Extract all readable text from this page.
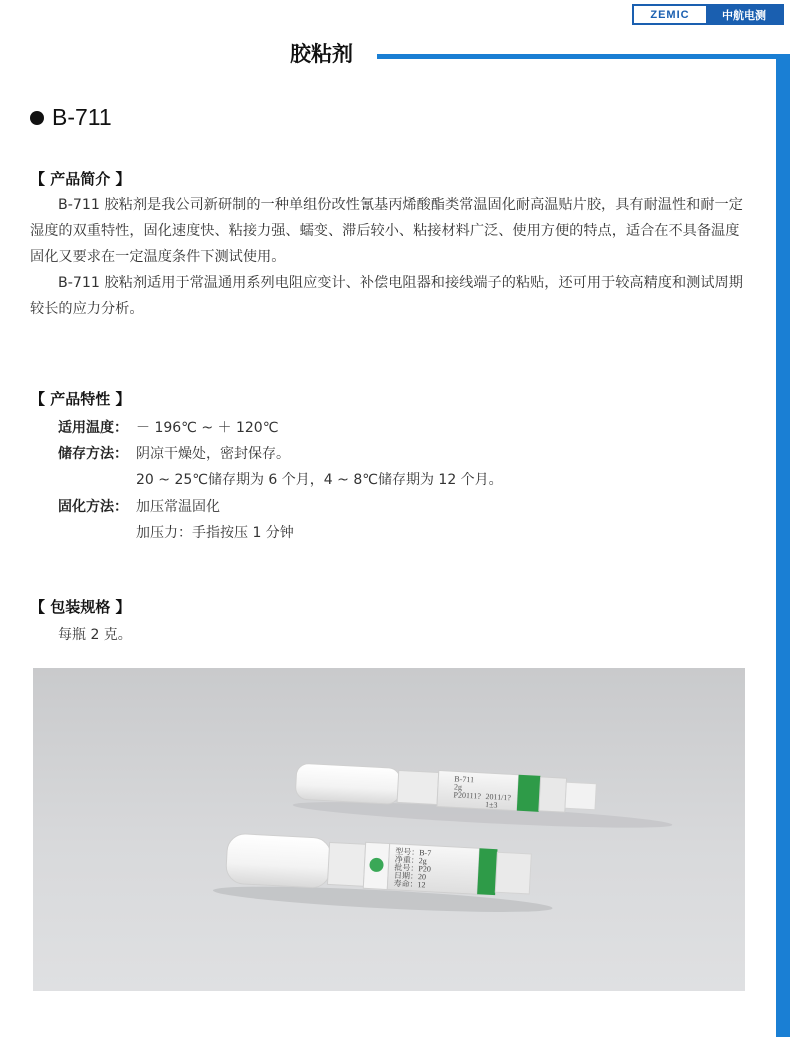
ZEMIC	中航电测
胶粘剂
B-711
【 产品简介 】

B-711 胶粘剂是我公司新研制的一种单组份改性氰基丙烯酸酯类常温固化耐高温贴片胶，具有耐温性和耐一定湿度的双重特性，固化速度快、粘接力强、蠕变、滞后较小、粘接材料广泛、使用方便的特点，适合在不具备温度固化又要求在一定温度条件下测试使用。

B-711 胶粘剂适用于常温通用系列电阻应变计、补偿电阻器和接线端子的粘贴，还可用于较高精度和测试周期较长的应力分析。

【 产品特性 】
适用温度： － 196℃ ~ ＋ 120℃
储存方法： 阴凉干燥处，密封保存。
20 ~ 25℃储存期为 6 个月，4 ~ 8℃储存期为 12 个月。
固化方法： 加压常温固化
加压力：手指按压 1 分钟
【 包装规格 】
每瓶 2 克。
B-711
2g
P20111? 2011/1?
1±3
型号：B-7
净重：2g
批号：P20
日期：20
寿命：12
